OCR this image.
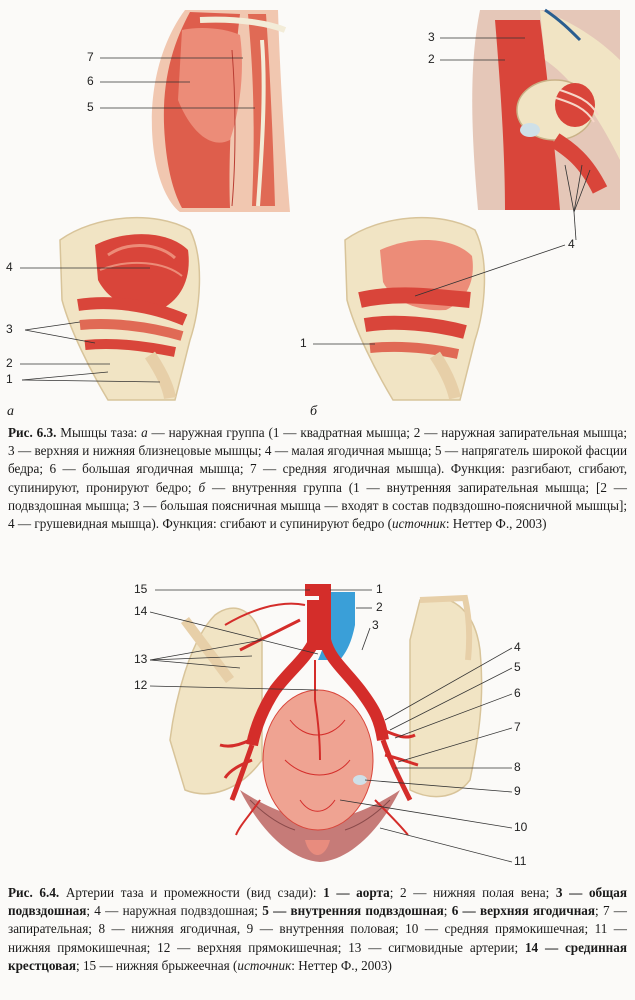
7
6
5
3
2
4
3
2
1
4
1
а	б

Рис. 6.3. Мышцы таза: а — наружная группа (1 — квадратная мышца; 2 — наружная запирательная мышца; 3 — верхняя и нижняя близнецовые мышцы; 4 — малая ягодичная мышца; 5 — напрягатель широкой фасции бедра; 6 — большая ягодичная мышца; 7 — средняя ягодичная мышца). Функция: разгибают, сгибают, супинируют, пронируют бедро; б — внутренняя группа (1 — внутренняя запирательная мышца; [2 — подвздошная мышца; 3 — большая поясничная мышца — входят в состав подвздошно-поясничной мышцы]; 4 — грушевидная мышца). Функция: сгибают и супинируют бедро (источник: Неттер Ф., 2003)

15
14
13
12
1
2
3
4
5
6
7
8
9
10
11

Рис. 6.4. Артерии таза и промежности (вид сзади): 1 — аорта; 2 — нижняя полая вена; 3 — общая подвздошная; 4 — наружная подвздошная; 5 — внутренняя подвздошная; 6 — верхняя ягодичная; 7 — запирательная; 8 — нижняя ягодичная, 9 — внутренняя половая; 10 — средняя прямокишечная; 11 — нижняя прямокишечная; 12 — верхняя прямокишечная; 13 — сигмовидные артерии; 14 — срединная крестцовая; 15 — нижняя брыжеечная (источник: Неттер Ф., 2003)
